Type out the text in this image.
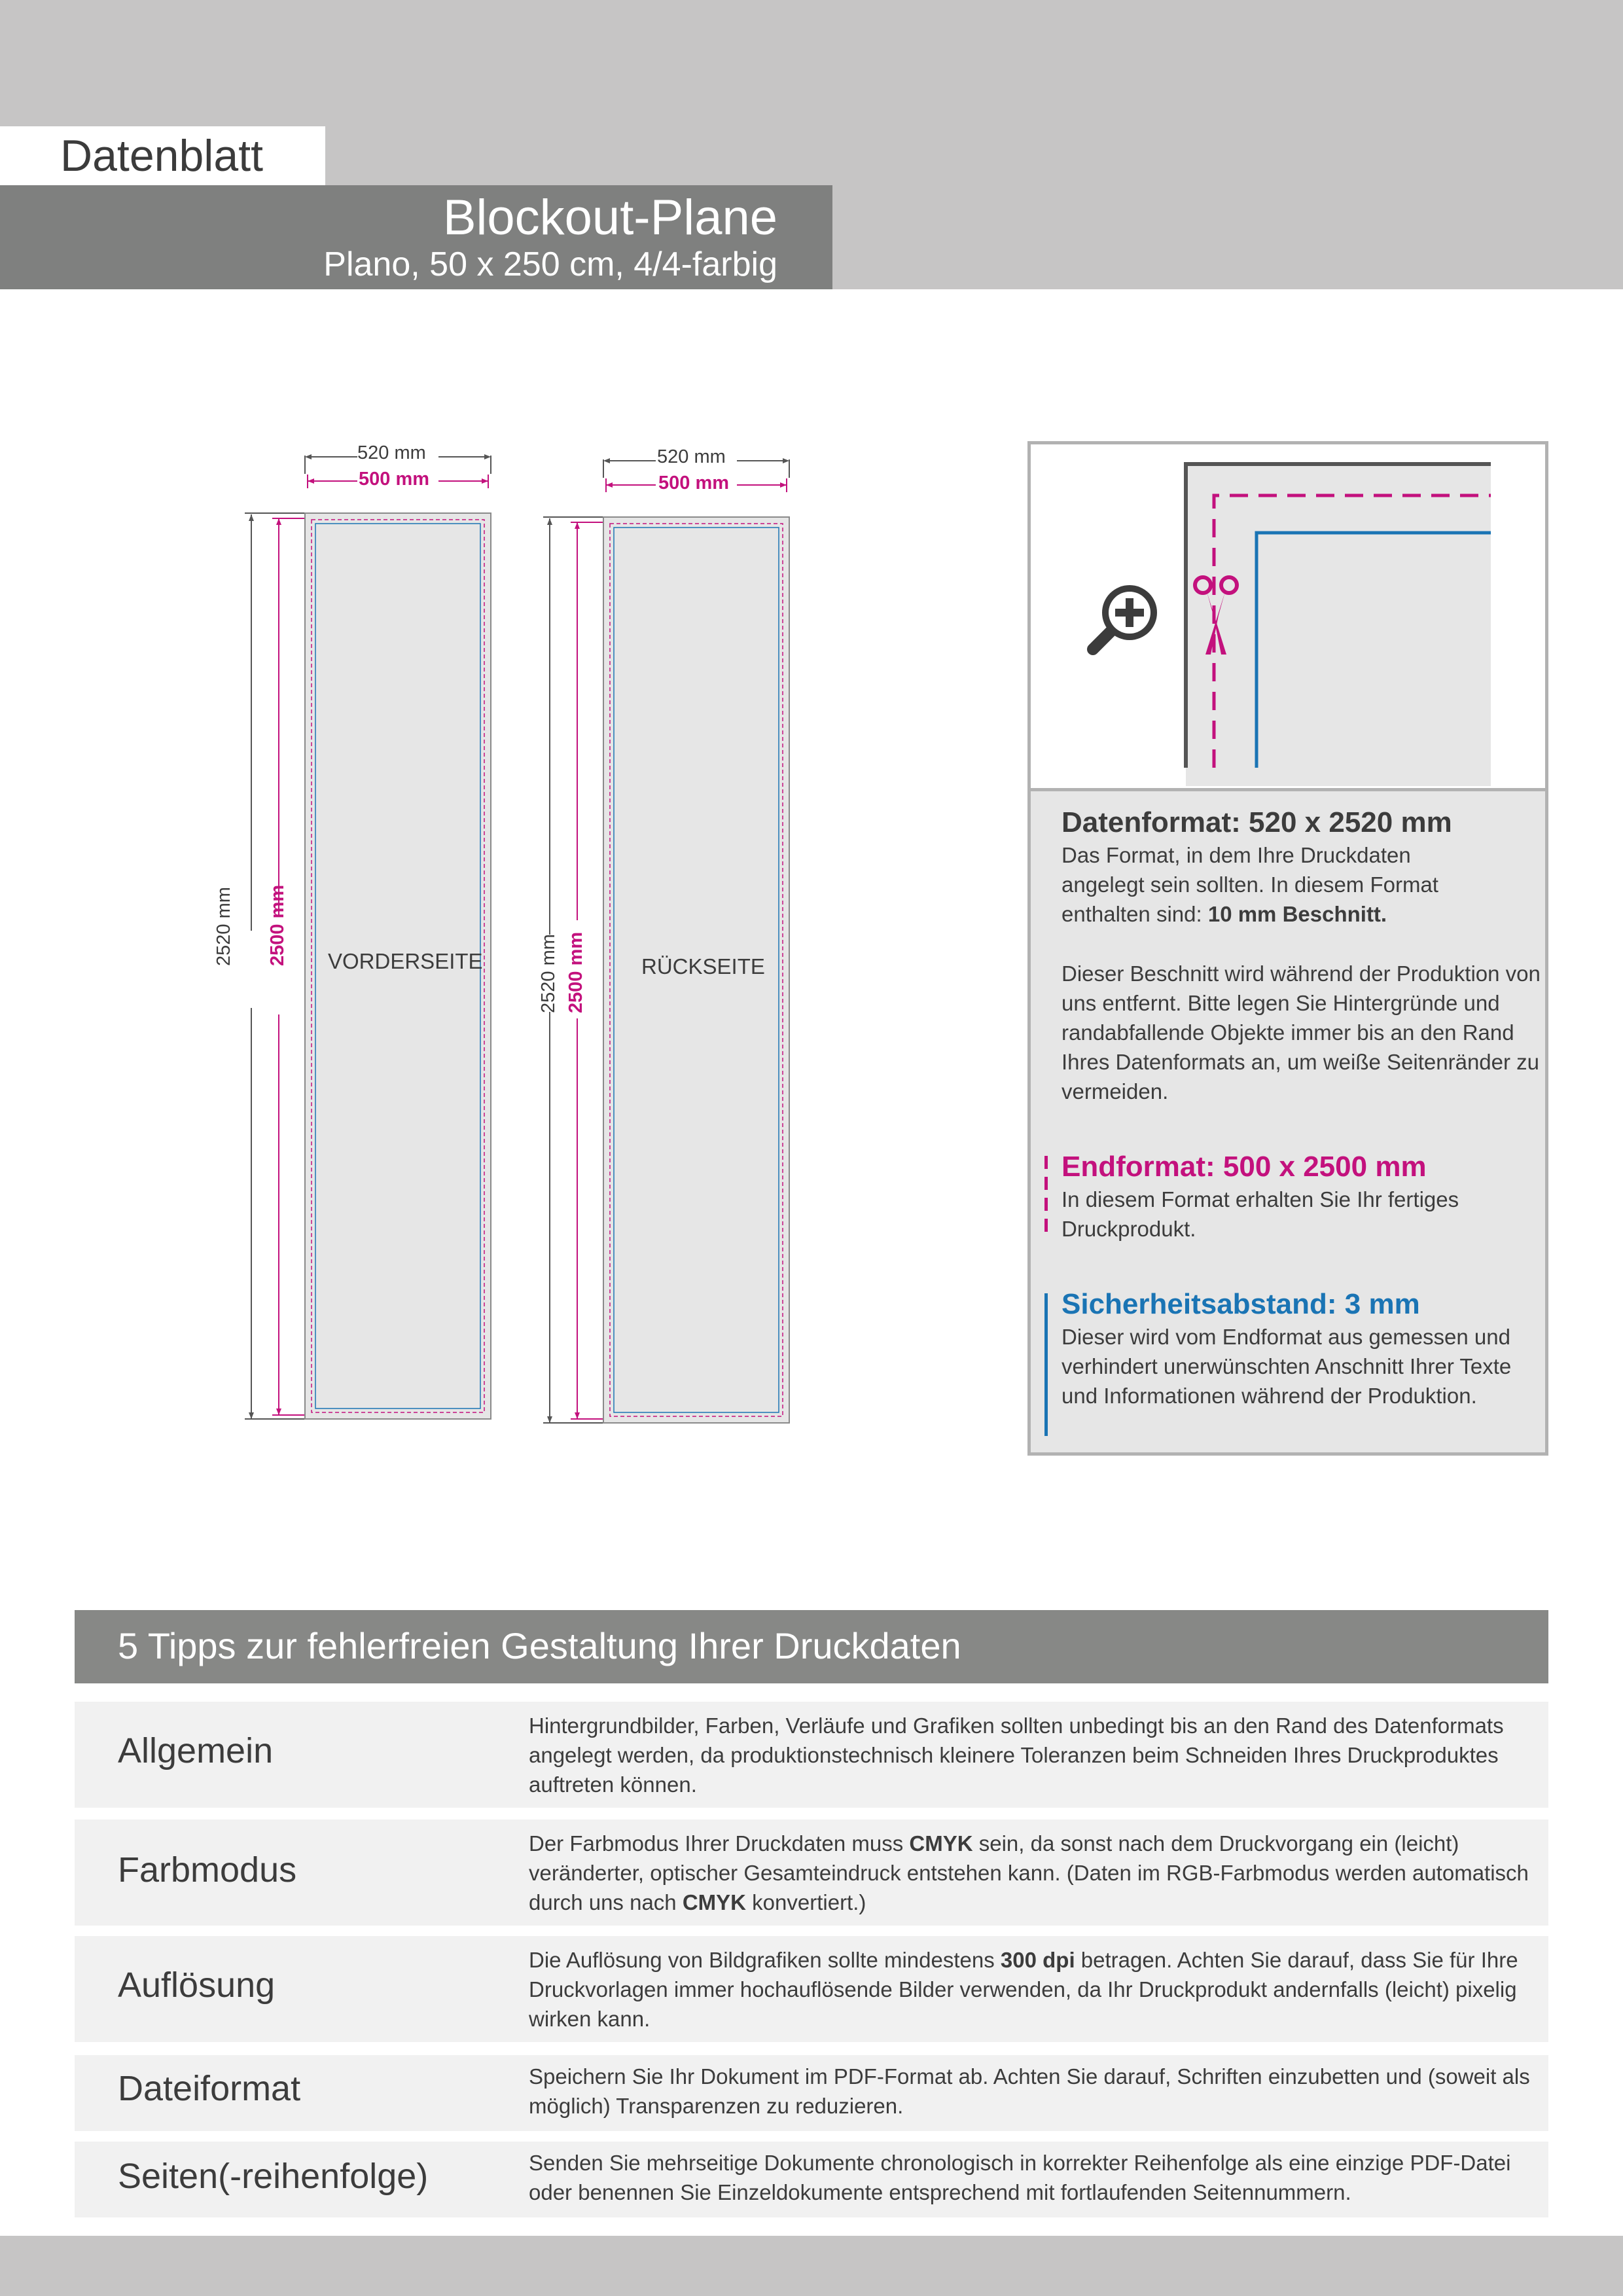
Datenblatt
Blockout-Plane
Plano, 50 x 250 cm, 4/4-farbig
520 mm
500 mm
VORDERSEITE
2520 mm 2500 mm
520 mm
500 mm
RÜCKSEITE
2520 mm 2500 mm
Datenformat: 520 x 2520 mm
Das Format, in dem Ihre Druckdaten
angelegt sein sollten. In diesem Format
enthalten sind: 10 mm Beschnitt.
Dieser Beschnitt wird während der Produktion von uns entfernt. Bitte legen Sie Hintergründe und randabfallende Objekte immer bis an den Rand Ihres Datenformats an, um weiße Seitenränder zu vermeiden.
Endformat: 500 x 2500 mm
In diesem Format erhalten Sie Ihr fertiges Druckprodukt.
Sicherheitsabstand: 3 mm
Dieser wird vom Endformat aus gemessen und verhindert unerwünschten Anschnitt Ihrer Texte und Informationen während der Produktion.
5 Tipps zur fehlerfreien Gestaltung Ihrer Druckdaten
Allgemein
Hintergrundbilder, Farben, Verläufe und Grafiken sollten unbedingt bis an den Rand des Datenformats angelegt werden, da produktionstechnisch kleinere Toleranzen beim Schneiden Ihres Druckproduktes auftreten können.
Farbmodus
Der Farbmodus Ihrer Druckdaten muss CMYK sein, da sonst nach dem Druckvorgang ein (leicht) veränderter, optischer Gesamteindruck entstehen kann. (Daten im RGB-Farbmodus werden automatisch durch uns nach CMYK konvertiert.)
Auflösung
Die Auflösung von Bildgrafiken sollte mindestens 300 dpi betragen. Achten Sie darauf, dass Sie für Ihre Druckvorlagen immer hochauflösende Bilder verwenden, da Ihr Druckprodukt andernfalls (leicht) pixelig wirken kann.
Dateiformat	Speichern Sie Ihr Dokument im PDF-Format ab. Achten Sie darauf, Schriften einzubetten und (soweit als möglich) Transparenzen zu reduzieren.
Seiten(-reihenfolge)	Senden Sie mehrseitige Dokumente chronologisch in korrekter Reihenfolge als eine einzige PDF-Datei oder benennen Sie Einzeldokumente entsprechend mit fortlaufenden Seitennummern.
